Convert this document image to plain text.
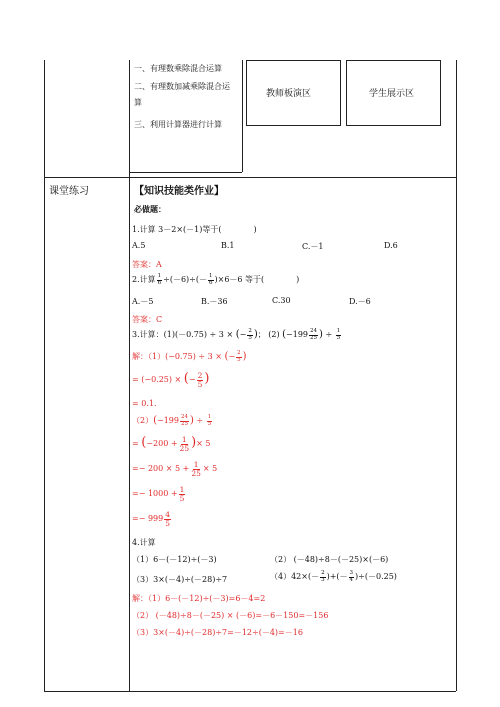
一、有理数乘除混合运算
二、有理数加减乘除混合运
算
三、利用计算器进行计算
教师板演区	学生展示区
课堂练习	【知识技能类作业】
必做题：
1.计算 3－2×(－1)等于(　　　　)
A.5	B.1	C.－1	D.6
答案：A
2.计算 $\frac{1}{6} \div(-6)\div(- \frac{1}{6} )\times 6-6$ 等于(　　　　)
A.－5	B.－36	C.30	D.－6
答案：C
3.计算：(1)(－0.75) ÷ 3 × (− $\frac{2}{5}$ )； (2) ($-199 \frac{24}{25}$ ) ÷ $\frac{1}{5}$
解：（1）(−0.75) ÷ 3 × (− $\frac{2}{5}$ )
= (−0.25) × (− $\frac{2}{5}$ )
= 0.1．
$(2)(-199 \frac{24}{25}$ ) ÷ $\frac{1}{5}$
= ($-200 + \frac{1}{25}$ )× 5
=− $200 \times 5 + \frac{1}{25} \times 5$
=− $1000 + \frac{1}{5}$
=− $999 \frac{4}{5}$
4.计算
（1）6－(－12)÷(－3)	（2） (－48)÷8－(－25)×(－6)
（3）3×(－4)÷(－28)÷7	$(4)42\times(- \frac{2}{3}$ )+(－ $\frac{3}{4} )\div(-0.25)$
解：（1）6－(－12)÷(－3)=6－4=2
（2） (－48)÷8－(－25) × (－6)=－6－150=－156
（3）3×(－4)÷(－28)÷7=－12÷(－4)=－16
